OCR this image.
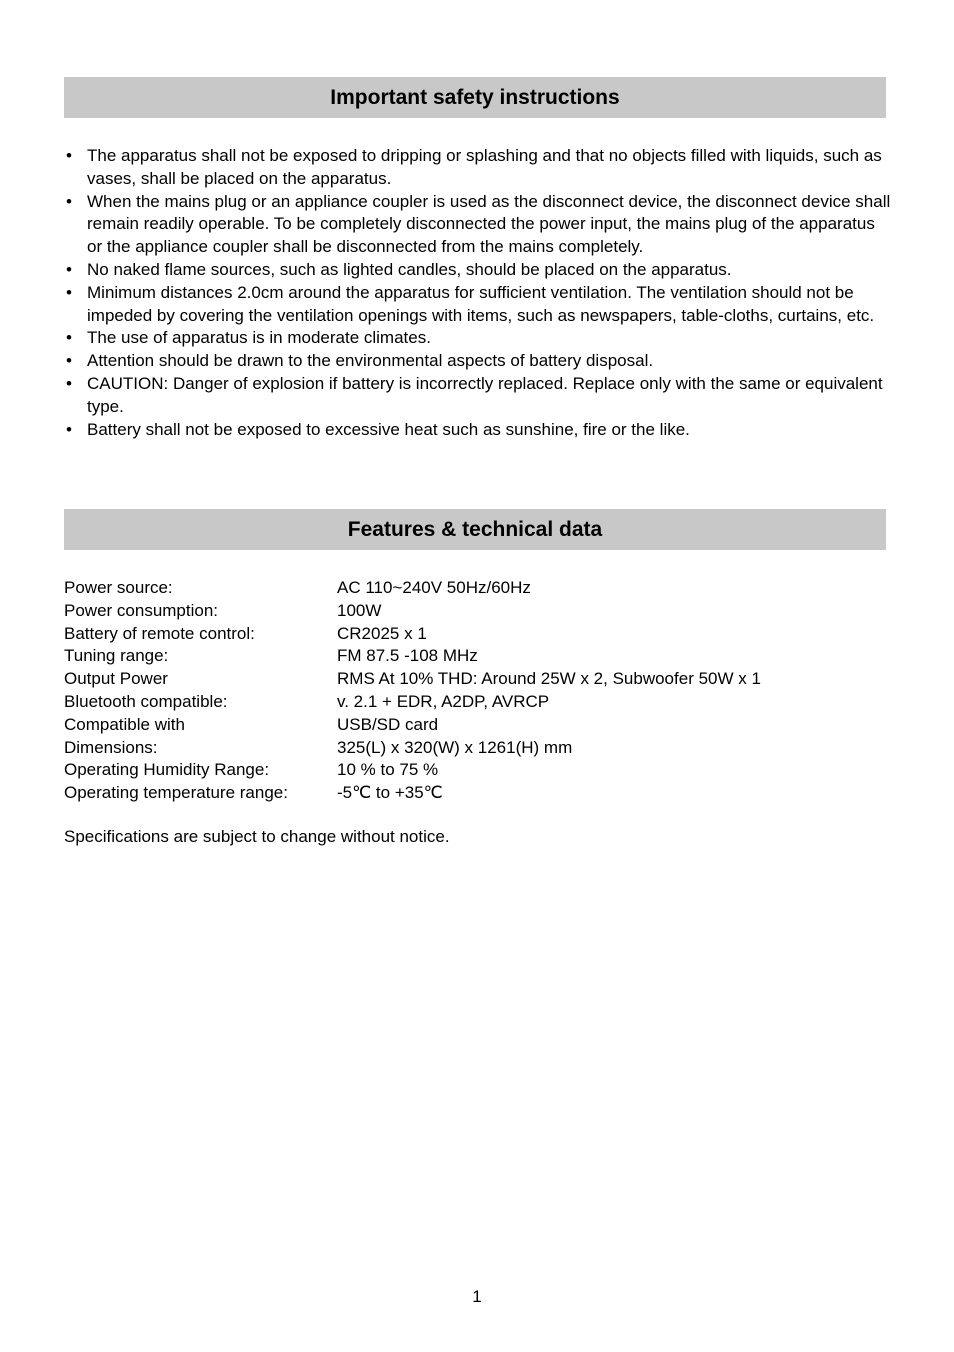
Important safety instructions
• The apparatus shall not be exposed to dripping or splashing and that no objects filled with liquids, such as vases, shall be placed on the apparatus.
• When the mains plug or an appliance coupler is used as the disconnect device, the disconnect device shall remain readily operable. To be completely disconnected the power input, the mains plug of the apparatus or the appliance coupler shall be disconnected from the mains completely.
• No naked flame sources, such as lighted candles, should be placed on the apparatus.
• Minimum distances 2.0cm around the apparatus for sufficient ventilation. The ventilation should not be impeded by covering the ventilation openings with items, such as newspapers, table-cloths, curtains, etc.
• The use of apparatus is in moderate climates.
• Attention should be drawn to the environmental aspects of battery disposal.
• CAUTION: Danger of explosion if battery is incorrectly replaced. Replace only with the same or equivalent type.
• Battery shall not be exposed to excessive heat such as sunshine, fire or the like.
Features & technical data
Power source:	AC 110~240V 50Hz/60Hz
Power consumption:	100W
Battery of remote control:	CR2025 x 1
Tuning range:	FM 87.5 -108 MHz
Output Power	RMS At 10% THD: Around 25W x 2, Subwoofer 50W x 1
Bluetooth compatible:	v. 2.1 + EDR, A2DP, AVRCP
Compatible with	USB/SD card
Dimensions:	325(L) x 320(W) x 1261(H) mm
Operating Humidity Range:	10 % to 75 %
Operating temperature range:	-5℃ to +35℃
Specifications are subject to change without notice.
1
